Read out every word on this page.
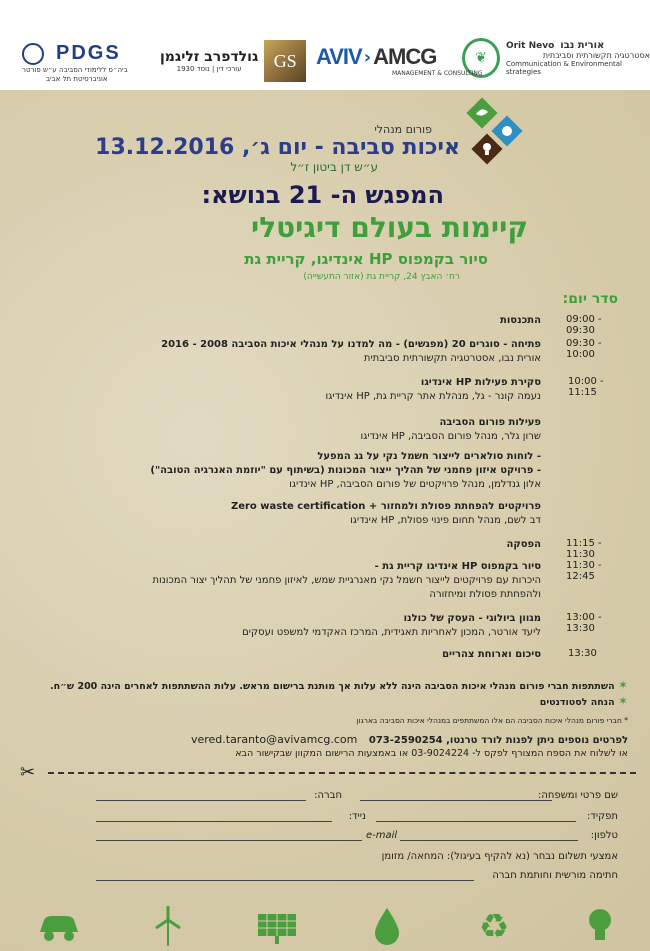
❦
Orit Nevo אורית נבו
אסטרטגיה תקשורתית וסביבתית
Communication & Environmental strategies
AVIV › AMCG
MANAGEMENT & CONSULTING
גולדפרב זליגמן
עורכי דין | נוסד 1930	GS
PDGS
ביה״ס ללימודי הסביבה ע״ש פורטר
אוניברסיטת תל אביב
פורום מנהלי
איכות סביבה - יום ג׳, 13.12.2016
ע״ש דן ביטון ז״ל
המפגש ה- 21 בנושא:
קיימות בעולם דיגיטלי
סיור בקמפוס HP אינדיגו, קריית גת
רח׳ האבץ 24, קריית גת (אזור התעשייה)
סדר יום:
09:00 - 09:30
התכנסות
09:30 - 10:00
פתיחה - סוגרים 20 (מפגשים) - מה למדנו על מנהלי איכות הסביבה 2008 - 2016
אורית נבו, אסטרטגיה תקשורתית סביבתית
10:00 - 11:15
סקירת פעילות HP אינדיגו
נעמה קונר - גל, מנהלת אתר קריית גת, HP אינדיגו
פעילות פורום הסביבה
שרון גלר, מנהל פורום הסביבה, HP אינדיגו
- לוחות סולארים לייצור חשמל נקי על גג המפעל
- פרויקט איזון פחמני של תהליך ייצור המכונות (בשיתוף עם "יוזמת האנרגיה הטובה")
אלון גנדלמן, מנהל פרויקטים של פורום הסביבה, HP אינדיגו
פרויקטים להפחתת פסולת ולמחזור + Zero waste certification
דב לשם, מנהל תחום פינוי פסולת, HP אינדיגו
11:15 - 11:30
הפסקה
11:30 - 12:45
סיור בקמפוס HP אינדיגו קריית גת -
היכרות עם פרויקטים לייצור חשמל נקי מאנרגיית שמש, לאיזון פחמני של תהליך יצור המכונות
ולהפחתת פסולת ומיחזורה
13:00 - 13:30
מגוון ביולוגי - העסק של כולנו
ליעד אורטר, המכון לאחריות תאגידית, המרכז האקדמי למשפט ועסקים
13:30
סיכום וארוחת צהריים
✶ השתתפות חברי פורום מנהלי איכות הסביבה הינה ללא עלות אך מותנת ברישום מראש. עלות ההשתתפות לאחרים הינה 200 ש״ח.
✶ הנחה לסטודנטים
* חברי פורום מנהלי איכות הסביבה הם אלו המשתתפים במנהלי איכות הסביבה בארגון
לפרטים נוספים ניתן לפנות לורד טרנטו, 073-2590254 vered.taranto@avivamcg.com
או לשלוח את הספח המצורף לפקס ל- 03-9024224 או באמצעות הרישום המקוון שבקישור הבא
✂
שם פרטי ומשפחה:
חברה:
תפקיד:
נייד:
טלפון:
e-mail
אמצעי תשלום נבחר (נא להקיף בעיגול): המחאה/ מזומן
חתימה מורשית וחותמת חברה
♻
